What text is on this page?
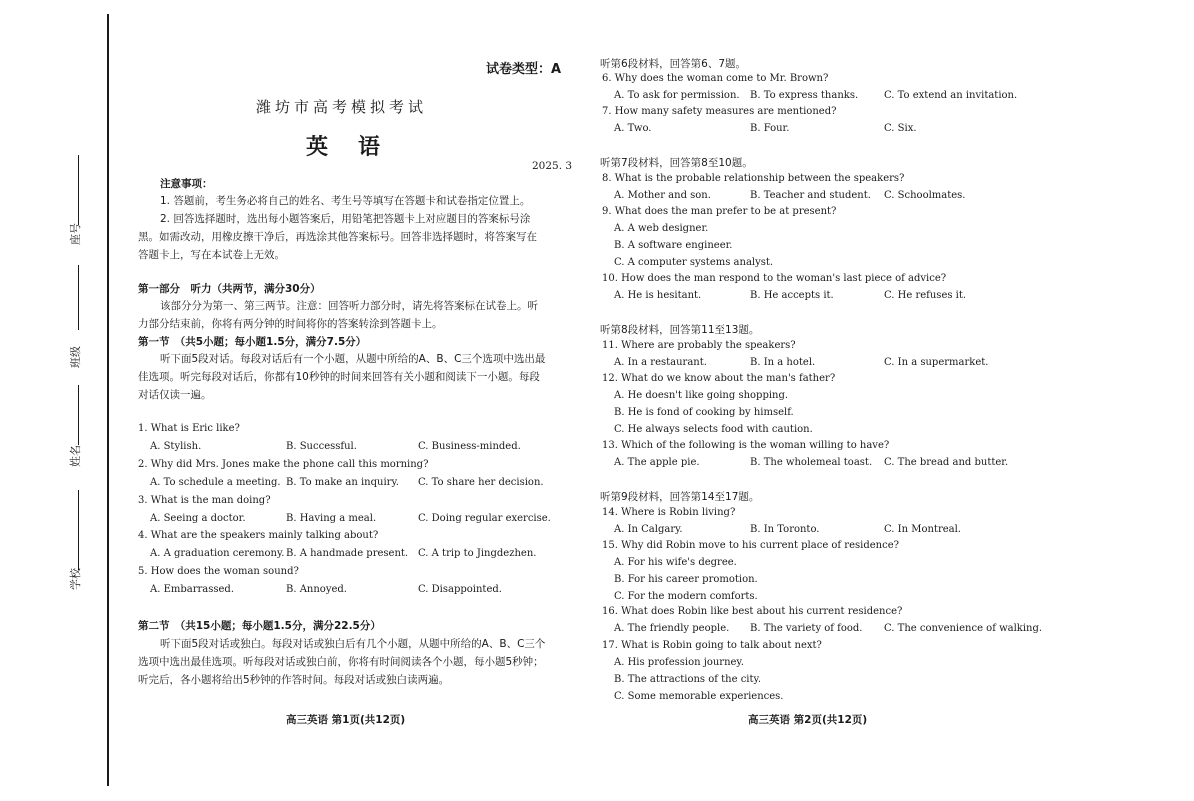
座号
班级
姓名
学校
试卷类型：A
潍坊市高考模拟考试
英　语
2025. 3
注意事项：
1. 答题前，考生务必将自己的姓名、考生号等填写在答题卡和试卷指定位置上。
2. 回答选择题时，选出每小题答案后，用铅笔把答题卡上对应题目的答案标号涂
黑。如需改动，用橡皮擦干净后，再选涂其他答案标号。回答非选择题时，将答案写在
答题卡上，写在本试卷上无效。
第一部分　听力（共两节，满分30分）
该部分分为第一、第三两节。注意：回答听力部分时，请先将答案标在试卷上。听
力部分结束前，你将有两分钟的时间将你的答案转涂到答题卡上。
第一节　（共5小题；每小题1.5分，满分7.5分）
听下面5段对话。每段对话后有一个小题，从题中所给的A、B、C三个选项中选出最
佳选项。听完每段对话后，你都有10秒钟的时间来回答有关小题和阅读下一小题。每段
对话仅读一遍。
1. What is Eric like?
A. Stylish.	B. Successful.	C. Business-minded.
2. Why did Mrs. Jones make the phone call this morning?
A. To schedule a meeting. B. To make an inquiry. C. To share her decision.
3. What is the man doing?
A. Seeing a doctor.	B. Having a meal.	C. Doing regular exercise.
4. What are the speakers mainly talking about?
A. A graduation ceremony. B. A handmade present. C. A trip to Jingdezhen.
5. How does the woman sound?
A. Embarrassed.	B. Annoyed.	C. Disappointed.
第二节　（共15小题；每小题1.5分，满分22.5分）
听下面5段对话或独白。每段对话或独白后有几个小题，从题中所给的A、B、C三个
选项中选出最佳选项。听每段对话或独白前，你将有时间阅读各个小题，每小题5秒钟；
听完后，各小题将给出5秒钟的作答时间。每段对话或独白读两遍。
高三英语 第1页(共12页)
听第6段材料，回答第6、7题。
6. Why does the woman come to Mr. Brown?
A. To ask for permission. B. To express thanks.	C. To extend an invitation.
7. How many safety measures are mentioned?
A. Two.	B. Four.	C. Six.
听第7段材料，回答第8至10题。
8. What is the probable relationship between the speakers?
A. Mother and son.	B. Teacher and student. C. Schoolmates.
9. What does the man prefer to be at present?
A. A web designer.
B. A software engineer.
C. A computer systems analyst.
10. How does the man respond to the woman's last piece of advice?
A. He is hesitant.	B. He accepts it.	C. He refuses it.
听第8段材料，回答第11至13题。
11. Where are probably the speakers?
A. In a restaurant.	B. In a hotel.	C. In a supermarket.
12. What do we know about the man's father?
A. He doesn't like going shopping.
B. He is fond of cooking by himself.
C. He always selects food with caution.
13. Which of the following is the woman willing to have?
A. The apple pie.	B. The wholemeal toast. C. The bread and butter.
听第9段材料，回答第14至17题。
14. Where is Robin living?
A. In Calgary.	B. In Toronto.	C. In Montreal.
15. Why did Robin move to his current place of residence?
A. For his wife's degree.
B. For his career promotion.
C. For the modern comforts.
16. What does Robin like best about his current residence?
A. The friendly people. B. The variety of food. C. The convenience of walking.
17. What is Robin going to talk about next?
A. His profession journey.
B. The attractions of the city.
C. Some memorable experiences.
高三英语 第2页(共12页)
